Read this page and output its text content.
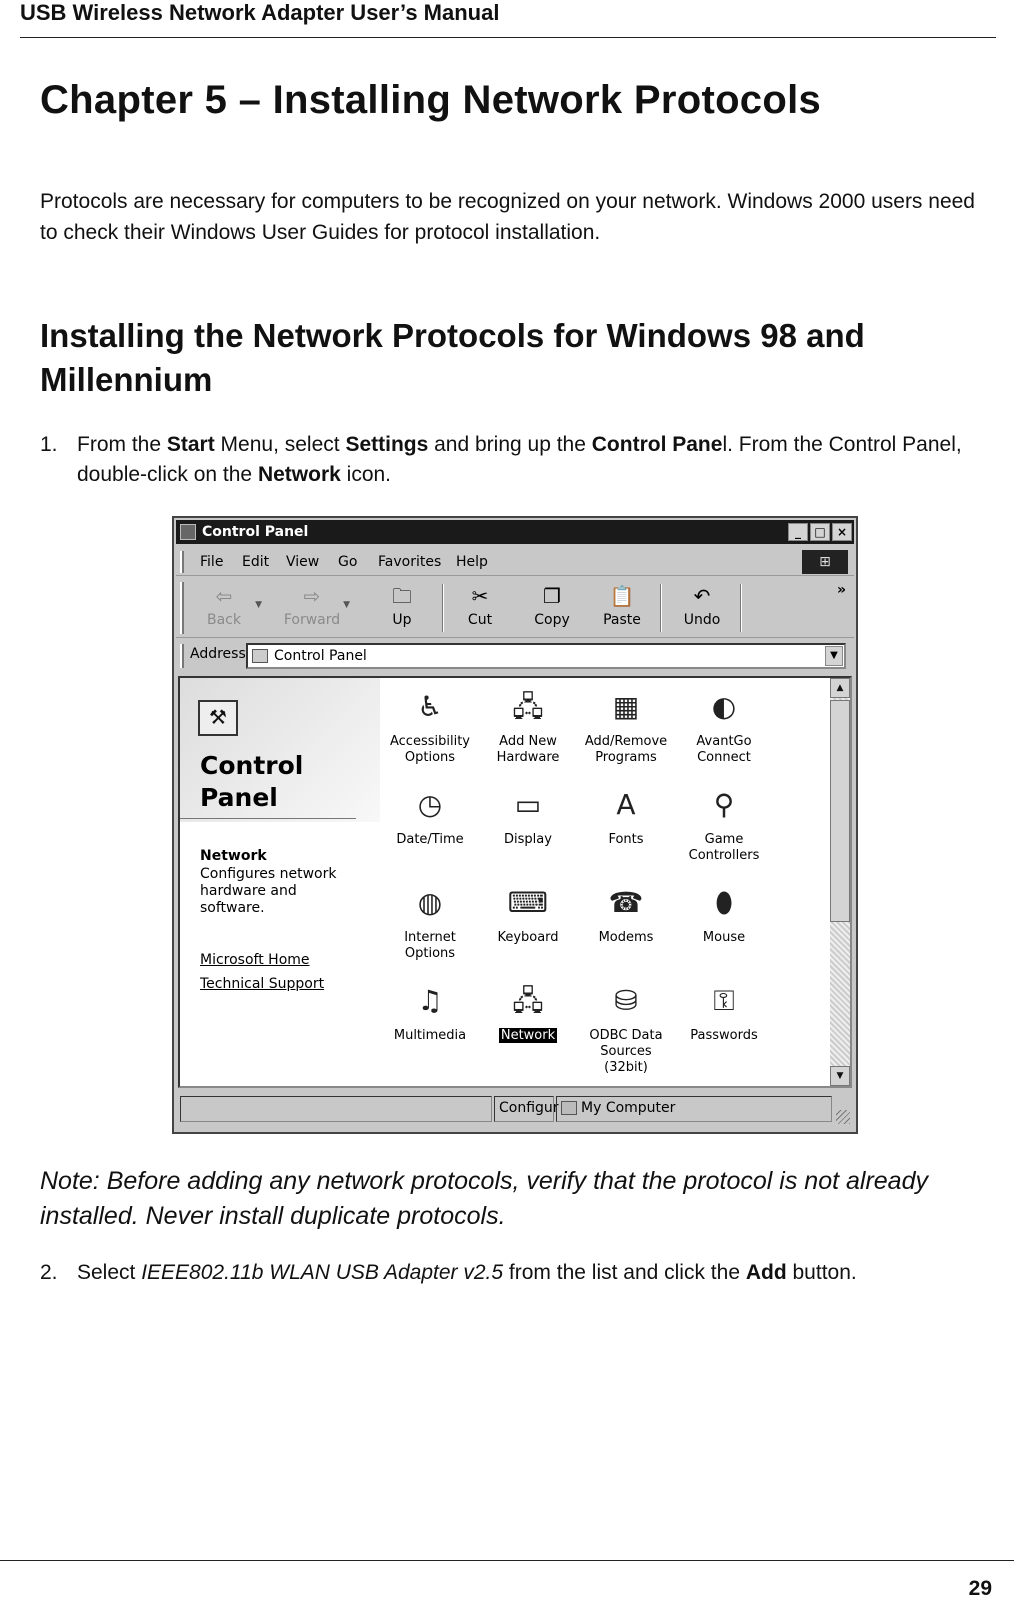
USB Wireless Network Adapter User’s Manual
Chapter 5 – Installing Network Protocols

Protocols are necessary for computers to be recognized on your network. Windows 2000 users need to check their Windows User Guides for protocol installation.

Installing the Network Protocols for Windows 98 and Millennium
1. From the Start Menu, select Settings and bring up the Control Panel. From the Control Panel, double-click on the Network icon.
Control Panel	_	□ ×
File Edit View Go Favorites Help	⊞
⇦
Back
▼ ⇨
Forward
▼ 🗀
Up
✂
Cut
❐
Copy
📋
Paste
↶
Undo
»
Address Control Panel	▼
⚒
Control Panel
Network
Configures network hardware and software.
Microsoft Home
Technical Support
♿
Accessibility Options
🖧
Add New Hardware
▦
Add/Remove Programs
◐
AvantGo Connect
◷
Date/Time
▭
Display
A
Fonts
⚲
Game Controllers
◍
Internet Options
⌨
Keyboard
☎
Modems
⬮
Mouse
♫
Multimedia
🖧
Network
⛁
ODBC Data Sources (32bit)
⚿
Passwords
▲
▼
Configur	My Computer

Note: Before adding any network protocols, verify that the protocol is not already installed. Never install duplicate protocols.

2. Select IEEE802.11b WLAN USB Adapter v2.5 from the list and click the Add button.
29
